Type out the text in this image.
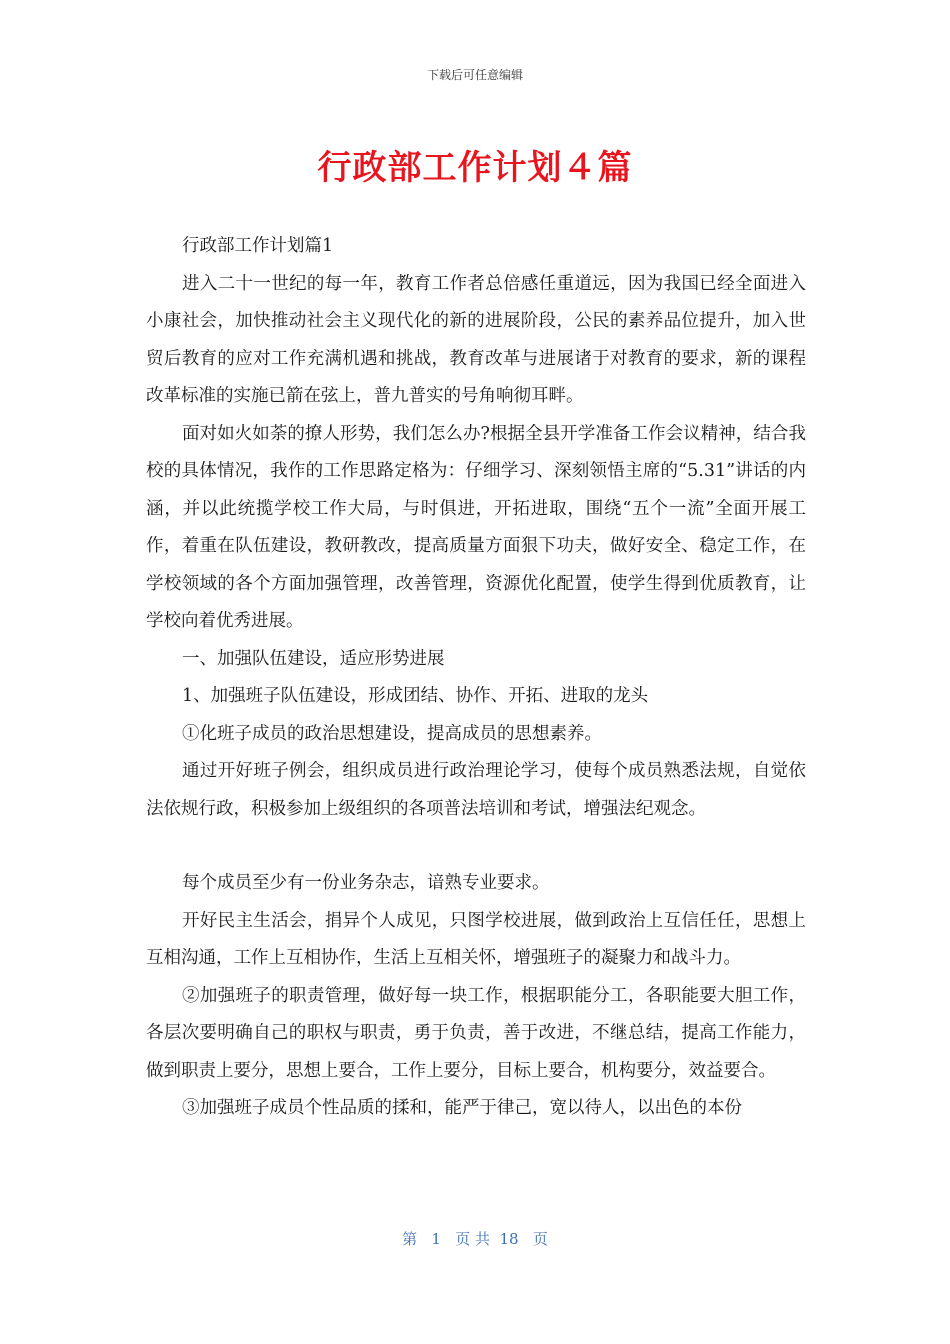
下载后可任意编辑
行政部工作计划４篇

行政部工作计划篇1

进入二十一世纪的每一年，教育工作者总倍感任重道远，因为我国已经全面进入小康社会，加快推动社会主义现代化的新的进展阶段，公民的素养品位提升，加入世贸后教育的应对工作充满机遇和挑战，教育改革与进展诸于对教育的要求，新的课程改革标准的实施已箭在弦上，普九普实的号角响彻耳畔。

面对如火如荼的撩人形势，我们怎么办?根据全县开学准备工作会议精神，结合我校的具体情况，我作的工作思路定格为：仔细学习、深刻领悟主席的“5.31”讲话的内涵，并以此统揽学校工作大局，与时俱进，开拓进取，围绕“五个一流”全面开展工作，着重在队伍建设，教研教改，提高质量方面狠下功夫，做好安全、稳定工作，在学校领域的各个方面加强管理，改善管理，资源优化配置，使学生得到优质教育，让学校向着优秀进展。

一、加强队伍建设，适应形势进展

1、加强班子队伍建设，形成团结、协作、开拓、进取的龙头

①化班子成员的政治思想建设，提高成员的思想素养。

通过开好班子例会，组织成员进行政治理论学习，使每个成员熟悉法规，自觉依法依规行政，积极参加上级组织的各项普法培训和考试，增强法纪观念。

每个成员至少有一份业务杂志，谙熟专业要求。

开好民主生活会，捐异个人成见，只图学校进展，做到政治上互信任任，思想上互相沟通，工作上互相协作，生活上互相关怀，增强班子的凝聚力和战斗力。

②加强班子的职责管理，做好每一块工作，根据职能分工，各职能要大胆工作，各层次要明确自己的职权与职责，勇于负责，善于改进，不继总结，提高工作能力，做到职责上要分，思想上要合，工作上要分，目标上要合，机构要分，效益要合。

③加强班子成员个性品质的揉和，能严于律己，宽以待人，以出色的本份

第   1   页 共  18   页
